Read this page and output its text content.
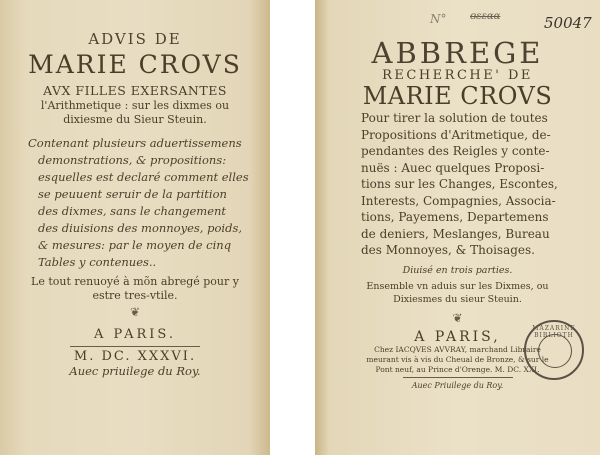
ADVIS DE
MARIE CROVS
AVX FILLES EXERSANTES
l'Arithmetique : sur les dixmes ou
dixiesme du Sieur Steuin.
Contenant plusieurs aduertissemens
demonstrations, & propositions:
esquelles est declaré comment elles
se peuuent seruir de la partition
des dixmes, sans le changement
des diuisions des monnoyes, poids,
& mesures: par le moyen de cinq
Tables y contenues..
Le tout renuoyé à mõn abregé pour y
estre tres-vtile.
❦
A PARIS.
M. DC. XXXVI.
Auec priuilege du Roy.
ABBREGE
RECHERCHE' DE
MARIE CROVS
Pour tirer la solution de toutes
Propositions d'Aritmetique, de-
pendantes des Reigles y conte-
nuës : Auec quelques Proposi-
tions sur les Changes, Escontes,
Interests, Compagnies, Associa-
tions, Payemens, Departemens
de deniers, Meslanges, Bureau
des Monnoyes, & Thoisages.
Diuisé en trois parties.
Ensemble vn aduis sur les Dixmes, ou
Dixiesmes du sieur Steuin.
❦
A PARIS,
Chez IACQVES AVVRAY, marchand Libraire
meurant vis à vis du Cheual de Bronze, & sur le
Pont neuf, au Prince d'Orenge. M. DC. XXI.
Auec Priuilege du Roy.
N° ɞɛɛɑɑ	50047
MAZARINE BIBLIOTH
